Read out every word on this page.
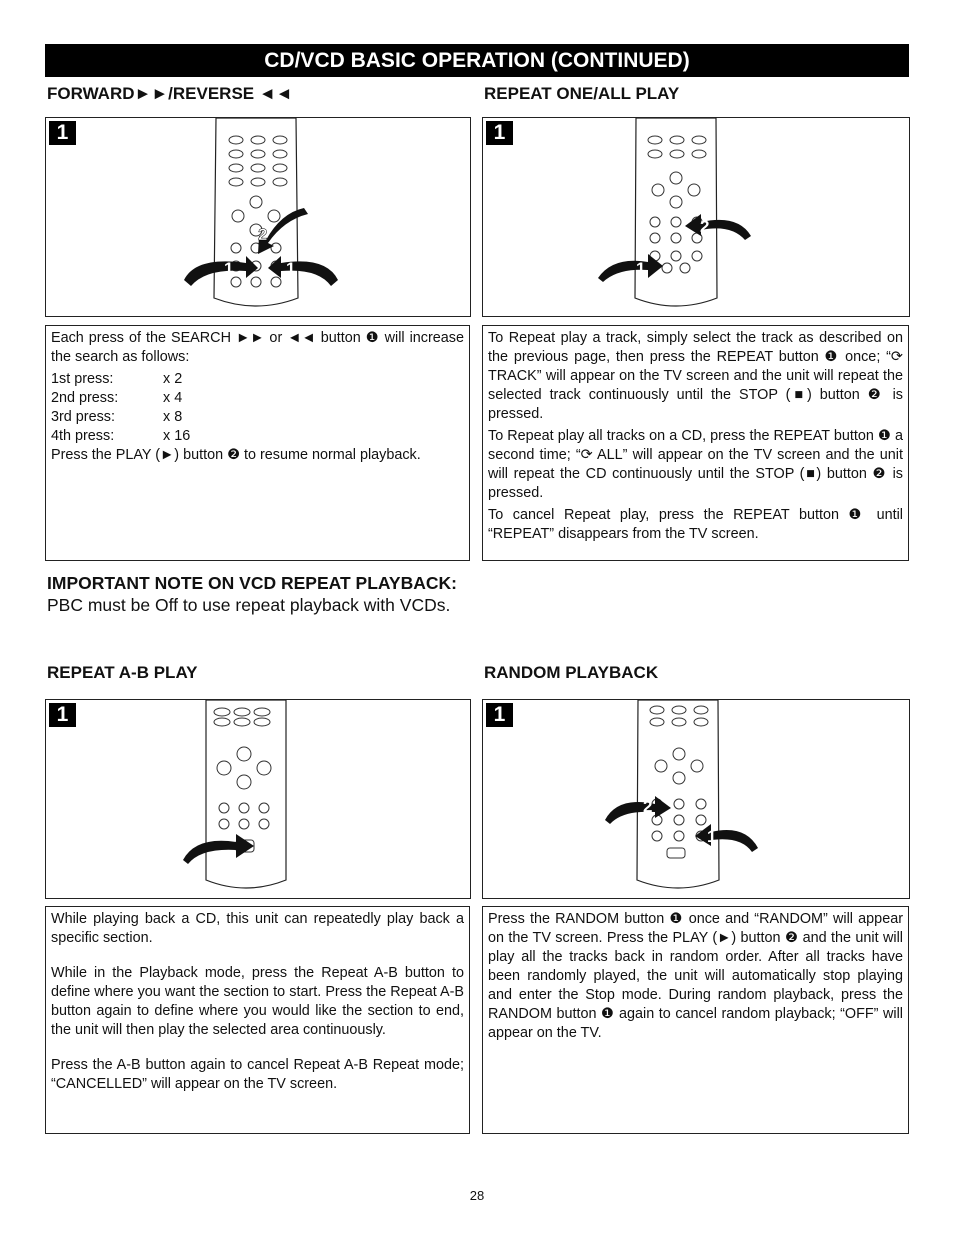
CD/VCD BASIC OPERATION (CONTINUED)
FORWARD►►/REVERSE ◄◄
2
1	1
1

Each press of the SEARCH ►► or ◄◄ button ❶ will increase the search as follows:

1st press:	x 2
2nd press:	x 4
3rd press:	x 8
4th press:	x 16

Press the PLAY (►) button ❷ to resume normal playback.

REPEAT ONE/ALL PLAY
2
1
1

To Repeat play a track, simply select the track as described on the previous page, then press the REPEAT button ❶ once; “⟳ TRACK” will appear on the TV screen and the unit will repeat the selected track continuously until the STOP (■) button ❷ is pressed.

To Repeat play all tracks on a CD, press the REPEAT button ❶ a second time; “⟳ ALL” will appear on the TV screen and the unit will repeat the CD continuously until the STOP (■) button ❷ is pressed.

To cancel Repeat play, press the REPEAT button ❶ until “REPEAT” disappears from the TV screen.

IMPORTANT NOTE ON VCD REPEAT PLAYBACK:
PBC must be Off to use repeat playback with VCDs.
REPEAT A-B PLAY
1

While playing back a CD, this unit can repeatedly play back a specific section.

While in the Playback mode, press the Repeat A-B button to define where you want the section to start. Press the Repeat A-B button again to define where you would like the section to end, the unit will then play the selected area continuously.

Press the A-B button again to cancel Repeat A-B Repeat mode; “CANCELLED” will appear on the TV screen.

RANDOM PLAYBACK
2
1
1

Press the RANDOM button ❶ once and “RANDOM” will appear on the TV screen. Press the PLAY (►) button ❷ and the unit will play all the tracks back in random order. After all tracks have been randomly played, the unit will automatically stop playing and enter the Stop mode. During random playback, press the RANDOM button ❶ again to cancel random playback; “OFF” will appear on the TV.

28
